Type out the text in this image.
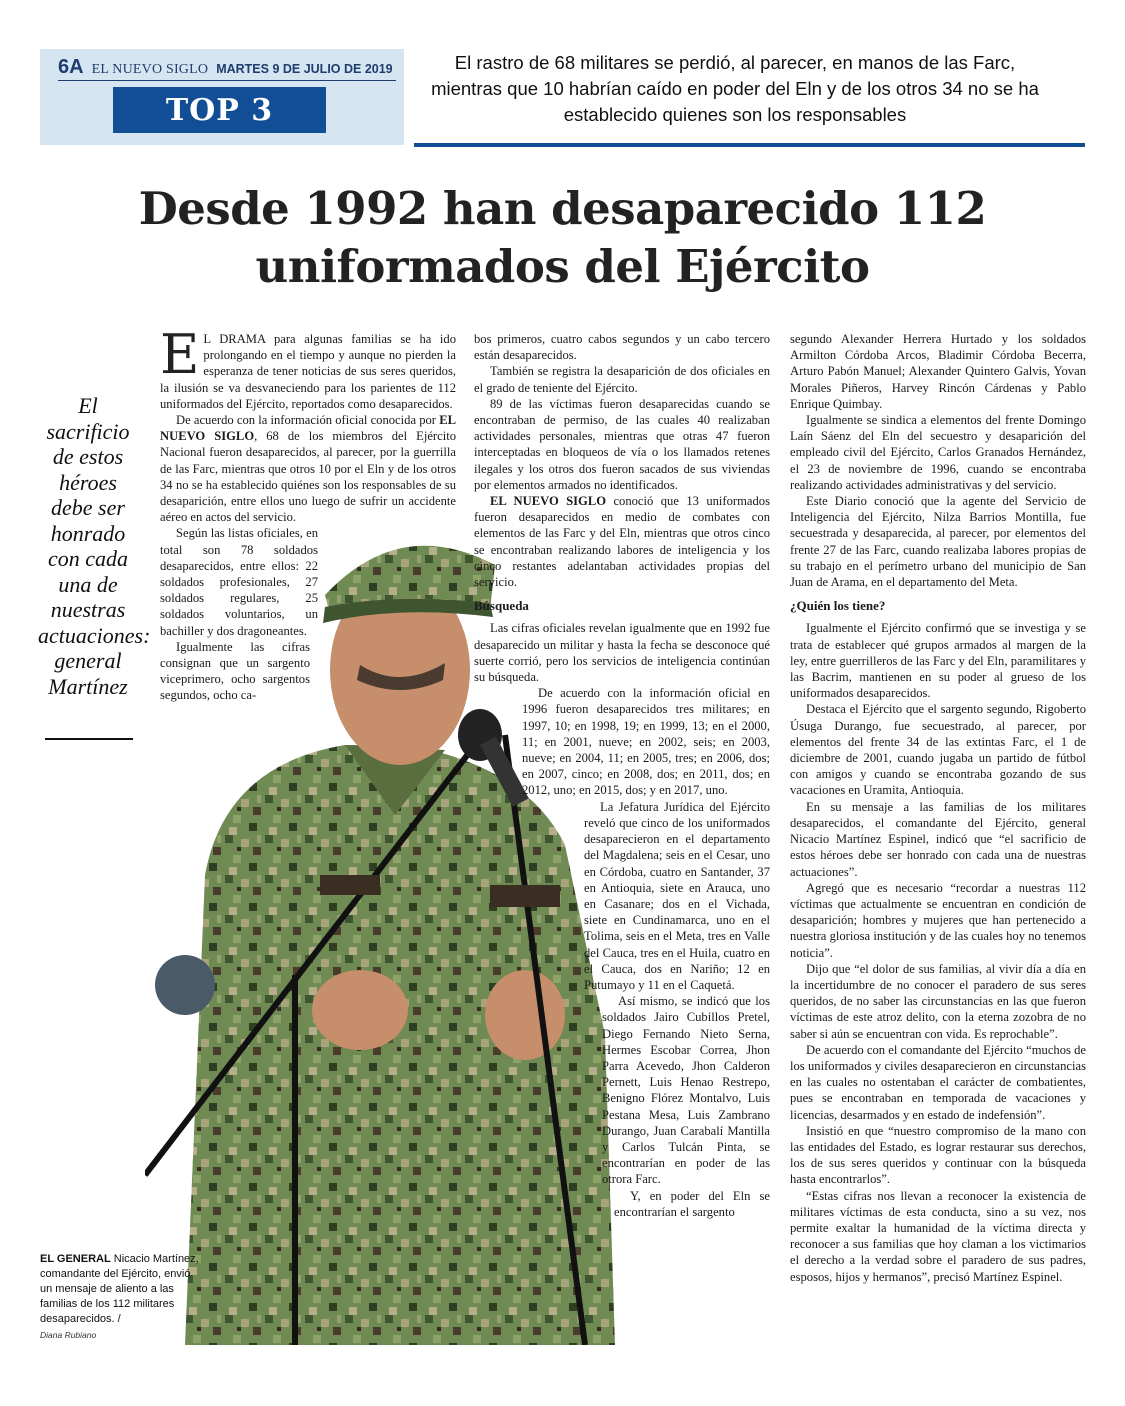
6A EL NUEVO SIGLO MARTES 9 DE JULIO DE 2019
TOP 3
El rastro de 68 militares se perdió, al parecer, en manos de las Farc, mientras que 10 habrían caído en poder del Eln y de los otros 34 no se ha establecido quienes son los responsables
Desde 1992 han desaparecido 112
uniformados del Ejército
El sacrificio de estos héroes debe ser honrado con cada una de nuestras actuaciones: general Martínez
EL GENERAL Nicacio Martínez, comandante del Ejército, envió un mensaje de aliento a las familias de los 112 militares desaparecidos. /
Diana Rubiano

E L DRAMA para algunas familias se ha ido prolongando en el tiempo y aunque no pierden la esperanza de tener noticias de sus seres queridos, la ilusión se va desvaneciendo para los parientes de 112 uniformados del Ejército, reportados como desaparecidos.

De acuerdo con la información oficial conocida por EL NUEVO SIGLO, 68 de los miembros del Ejército Nacional fueron desaparecidos, al parecer, por la guerrilla de las Farc, mientras que otros 10 por el Eln y de los otros 34 no se ha establecido quiénes son los responsables de su desaparición, entre ellos uno luego de sufrir un accidente aéreo en actos del servicio.

Según las listas oficiales, en total son 78 soldados desaparecidos, entre ellos: 22 soldados profesionales, 27 soldados regulares, 25 soldados voluntarios, un bachiller y dos dragoneantes.

Igualmente las cifras consignan que un sargento viceprimero, ocho sargentos segundos, ocho ca-

bos primeros, cuatro cabos segundos y un cabo tercero están desaparecidos.

También se registra la desaparición de dos oficiales en el grado de teniente del Ejército.

89 de las víctimas fueron desaparecidas cuando se encontraban de permiso, de las cuales 40 realizaban actividades personales, mientras que otras 47 fueron interceptadas en bloqueos de vía o los llamados retenes ilegales y los otros dos fueron sacados de sus viviendas por elementos armados no identificados.

EL NUEVO SIGLO conoció que 13 uniformados fueron desaparecidos en medio de combates con elementos de las Farc y del Eln, mientras que otros cinco se encontraban realizando labores de inteligencia y los cinco restantes adelantaban actividades propias del servicio.

Búsqueda

Las cifras oficiales revelan igualmente que en 1992 fue desaparecido un militar y hasta la fecha se desconoce qué suerte corrió, pero los servicios de inteligencia continúan su búsqueda.

De acuerdo con la información oficial en 1996 fueron desaparecidos tres militares; en 1997, 10; en 1998, 19; en 1999, 13; en el 2000, 11; en 2001, nueve; en 2002, seis; en 2003, nueve; en 2004, 11; en 2005, tres; en 2006, dos; en 2007, cinco; en 2008, dos; en 2011, dos; en 2012, uno; en 2015, dos; y en 2017, uno.

La Jefatura Jurídica del Ejército reveló que cinco de los uniformados desaparecieron en el departamento del Magdalena; seis en el Cesar, uno en Córdoba, cuatro en Santander, 37 en Antioquia, siete en Arauca, uno en Casanare; dos en el Vichada, siete en Cundinamarca, uno en el Tolima, seis en el Meta, tres en Valle del Cauca, tres en el Huila, cuatro en el Cauca, dos en Nariño; 12 en Putumayo y 11 en el Caquetá.

Así mismo, se indicó que los soldados Jairo Cubillos Pretel, Diego Fernando Nieto Serna, Hermes Escobar Correa, Jhon Parra Acevedo, Jhon Calderon Pernett, Luis Henao Restrepo, Benigno Flórez Montalvo, Luis Pestana Mesa, Luis Zambrano Durango, Juan Carabalí Mantilla y Carlos Tulcán Pinta, se encontrarían en poder de las otrora Farc.

Y, en poder del Eln se encontrarían el sargento

segundo Alexander Herrera Hurtado y los soldados Armilton Córdoba Arcos, Bladimir Córdoba Becerra, Arturo Pabón Manuel; Alexander Quintero Galvis, Yovan Morales Piñeros, Harvey Rincón Cárdenas y Pablo Enrique Quimbay.

Igualmente se sindica a elementos del frente Domingo Laín Sáenz del Eln del secuestro y desaparición del empleado civil del Ejército, Carlos Granados Hernández, el 23 de noviembre de 1996, cuando se encontraba realizando actividades administrativas y del servicio.

Este Diario conoció que la agente del Servicio de Inteligencia del Ejército, Nilza Barrios Montilla, fue secuestrada y desaparecida, al parecer, por elementos del frente 27 de las Farc, cuando realizaba labores propias de su trabajo en el perímetro urbano del municipio de San Juan de Arama, en el departamento del Meta.

¿Quién los tiene?

Igualmente el Ejército confirmó que se investiga y se trata de establecer qué grupos armados al margen de la ley, entre guerrilleros de las Farc y del Eln, paramilitares y las Bacrim, mantienen en su poder al grueso de los uniformados desaparecidos.

Destaca el Ejército que el sargento segundo, Rigoberto Úsuga Durango, fue secuestrado, al parecer, por elementos del frente 34 de las extintas Farc, el 1 de diciembre de 2001, cuando jugaba un partido de fútbol con amigos y cuando se encontraba gozando de sus vacaciones en Uramita, Antioquia.

En su mensaje a las familias de los militares desaparecidos, el comandante del Ejército, general Nicacio Martínez Espinel, indicó que “el sacrificio de estos héroes debe ser honrado con cada una de nuestras actuaciones”.

Agregó que es necesario “recordar a nuestras 112 víctimas que actualmente se encuentran en condición de desaparición; hombres y mujeres que han pertenecido a nuestra gloriosa institución y de las cuales hoy no tenemos noticia”.

Dijo que “el dolor de sus familias, al vivir día a día en la incertidumbre de no conocer el paradero de sus seres queridos, de no saber las circunstancias en las que fueron víctimas de este atroz delito, con la eterna zozobra de no saber si aún se encuentran con vida. Es reprochable”.

De acuerdo con el comandante del Ejército “muchos de los uniformados y civiles desaparecieron en circunstancias en las cuales no ostentaban el carácter de combatientes, pues se encontraban en temporada de vacaciones y licencias, desarmados y en estado de indefensión”.

Insistió en que “nuestro compromiso de la mano con las entidades del Estado, es lograr restaurar sus derechos, los de sus seres queridos y continuar con la búsqueda hasta encontrarlos”.

“Estas cifras nos llevan a reconocer la existencia de militares víctimas de esta conducta, sino a su vez, nos permite exaltar la humanidad de la víctima directa y reconocer a sus familias que hoy claman a los victimarios el derecho a la verdad sobre el paradero de sus padres, esposos, hijos y hermanos”, precisó Martínez Espinel.
